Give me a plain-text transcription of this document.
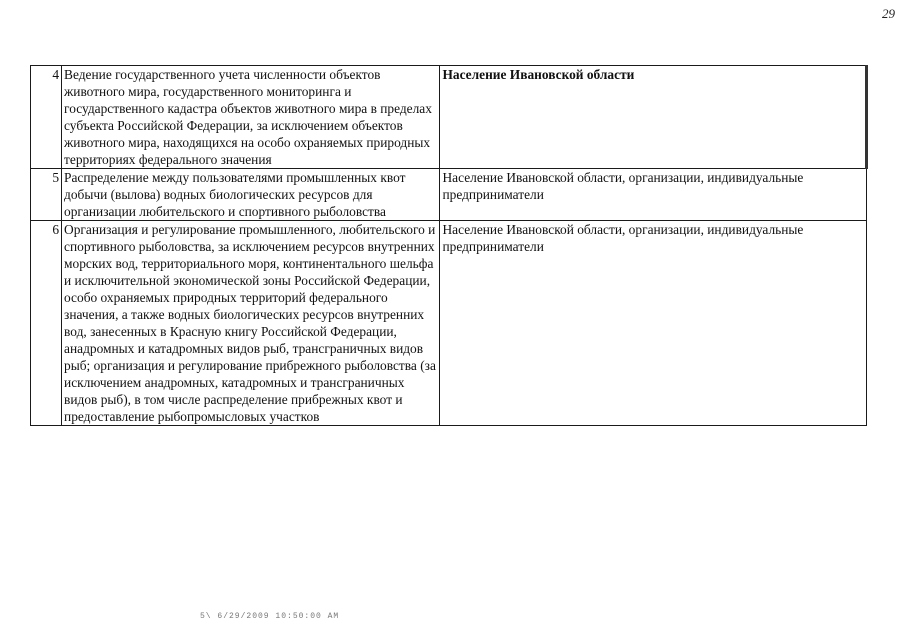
29
4	Ведение государственного учета численности объектов животного мира, государственного мониторинга и государственного кадастра объектов животного мира в пределах субъекта Российской Федерации, за исключением объектов животного мира, находящихся на особо охраняемых природных территориях федерального значения	Население Ивановской области
5	Распределение между пользователями промышленных квот добычи (вылова) водных биологических ресурсов для организации любительского и спортивного рыболовства	Население Ивановской области, организации, индивидуальные предприниматели
6	Организация и регулирование промышленного, любительского и спортивного рыболовства, за исключением ресурсов внутренних морских вод, территориального моря, континентального шельфа и исключительной экономической зоны Российской Федерации, особо охраняемых природных территорий федерального значения, а также водных биологических ресурсов внутренних вод, занесенных в Красную книгу Российской Федерации, анадромных и катадромных видов рыб, трансграничных видов рыб; организация и регулирование прибрежного рыболовства (за исключением анадромных, катадромных и трансграничных видов рыб), в том числе распределение прибрежных квот и предоставление рыбопромысловых участков	Население Ивановской области, организации, индивидуальные предприниматели
5\ 6/29/2009 10:50:00 AM
